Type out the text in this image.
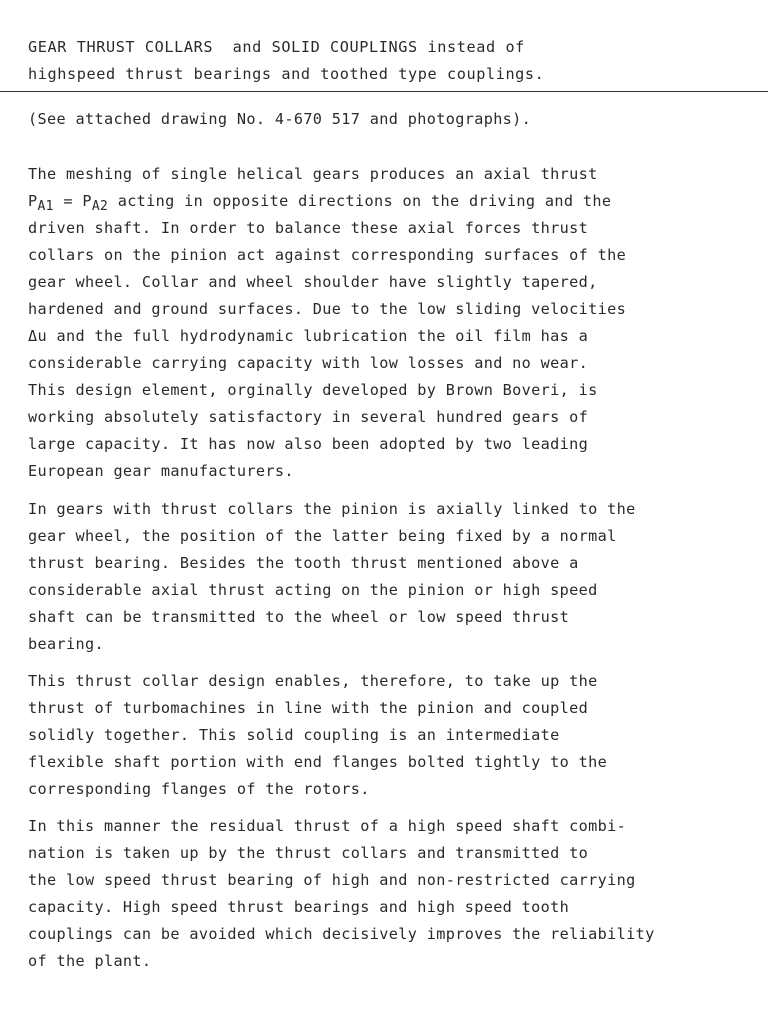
GEAR THRUST COLLARS  and SOLID COUPLINGS instead of
highspeed thrust bearings and toothed type couplings.
(See attached drawing No. 4-670 517 and photographs).
The meshing of single helical gears produces an axial thrust
$P_{A1} = P_{A2}$ acting in opposite directions on the driving and the
driven shaft. In order to balance these axial forces thrust
collars on the pinion act against corresponding surfaces of the
gear wheel. Collar and wheel shoulder have slightly tapered,
hardened and ground surfaces. Due to the low sliding velocities
Δu and the full hydrodynamic lubrication the oil film has a
considerable carrying capacity with low losses and no wear.
This design element, orginally developed by Brown Boveri, is
working absolutely satisfactory in several hundred gears of
large capacity. It has now also been adopted by two leading
European gear manufacturers.
In gears with thrust collars the pinion is axially linked to the
gear wheel, the position of the latter being fixed by a normal
thrust bearing. Besides the tooth thrust mentioned above a
considerable axial thrust acting on the pinion or high speed
shaft can be transmitted to the wheel or low speed thrust
bearing.
This thrust collar design enables, therefore, to take up the
thrust of turbomachines in line with the pinion and coupled
solidly together. This solid coupling is an intermediate
flexible shaft portion with end flanges bolted tightly to the
corresponding flanges of the rotors.
In this manner the residual thrust of a high speed shaft combi-
nation is taken up by the thrust collars and transmitted to
the low speed thrust bearing of high and non-restricted carrying
capacity. High speed thrust bearings and high speed tooth
couplings can be avoided which decisively improves the reliability
of the plant.
